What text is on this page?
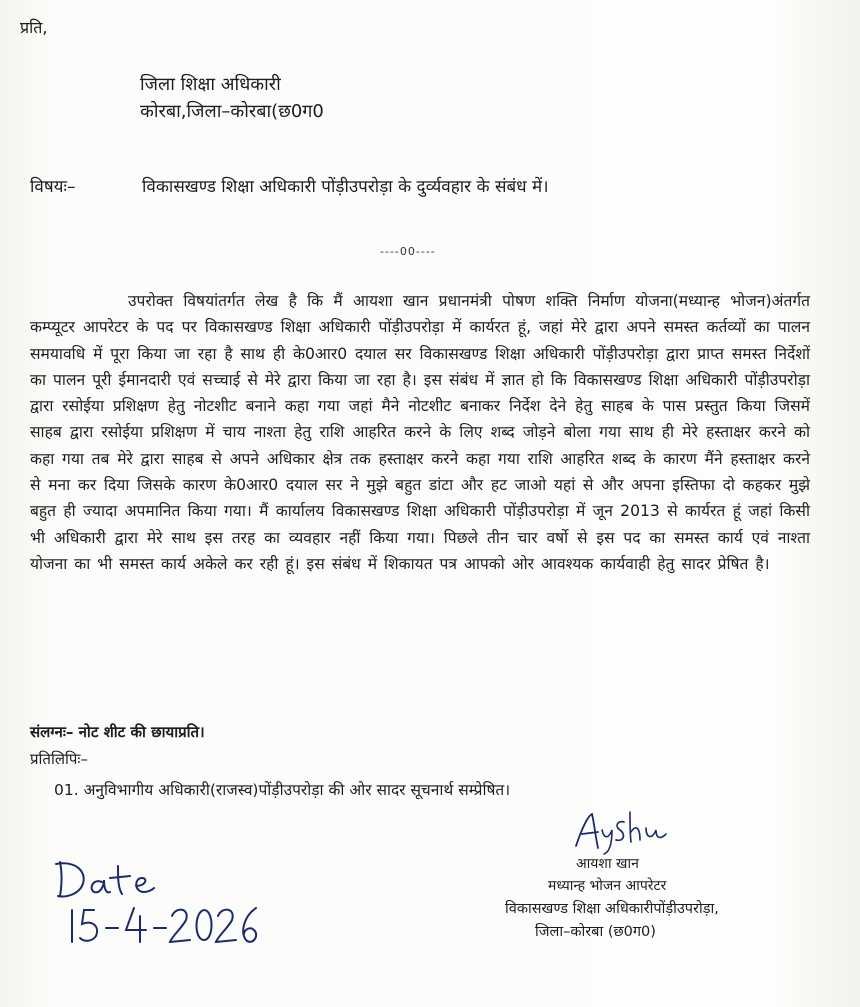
प्रति,
जिला शिक्षा अधिकारी
कोरबा,जिला–कोरबा(छ0ग0
विषयः–	विकासखण्ड शिक्षा अधिकारी पोंड़ीउपरोड़ा के दुर्व्यवहार के संबंध में।
----00----
उपरोक्त विषयांतर्गत लेख है कि मैं आयशा खान प्रधानमंत्री पोषण शक्ति निर्माण योजना(मध्यान्ह भोजन)अंतर्गत कम्प्यूटर आपरेटर के पद पर विकासखण्ड शिक्षा अधिकारी पोंड़ीउपरोड़ा में कार्यरत हूं, जहां मेरे द्वारा अपने समस्त कर्तव्यों का पालन समयावधि में पूरा किया जा रहा है साथ ही के0आर0 दयाल सर विकासखण्ड शिक्षा अधिकारी पोंड़ीउपरोड़ा द्वारा प्राप्त समस्त निर्देशों का पालन पूरी ईमानदारी एवं सच्चाई से मेरे द्वारा किया जा रहा है। इस संबंध में ज्ञात हो कि विकासखण्ड शिक्षा अधिकारी पोंड़ीउपरोड़ा द्वारा रसोईया प्रशिक्षण हेतु नोटशीट बनाने कहा गया जहां मैने नोटशीट बनाकर निर्देश देने हेतु साहब के पास प्रस्तुत किया जिसमें साहब द्वारा रसोईया प्रशिक्षण में चाय नाश्ता हेतु राशि आहरित करने के लिए शब्द जोड़ने बोला गया साथ ही मेरे हस्ताक्षर करने को कहा गया तब मेरे द्वारा साहब से अपने अधिकार क्षेत्र तक हस्ताक्षर करने कहा गया राशि आहरित शब्द के कारण मैंने हस्ताक्षर करने से मना कर दिया जिसके कारण के0आर0 दयाल सर ने मुझे बहुत डांटा और हट जाओ यहां से और अपना इस्तिफा दो कहकर मुझे बहुत ही ज्यादा अपमानित किया गया। मैं कार्यालय विकासखण्ड शिक्षा अधिकारी पोंड़ीउपरोड़ा में जून 2013 से कार्यरत हूं जहां किसी भी अधिकारी द्वारा मेरे साथ इस तरह का व्यवहार नहीं किया गया। पिछले तीन चार वर्षो से इस पद का समस्त कार्य एवं नाश्ता योजना का भी समस्त कार्य अकेले कर रही हूं। इस संबंध में शिकायत पत्र आपको ओर आवश्यक कार्यवाही हेतु सादर प्रेषित है।
संलग्नः– नोट शीट की छायाप्रति।
प्रतिलिपिः–
01. अनुविभागीय अधिकारी(राजस्व)पोंड़ीउपरोड़ा की ओर सादर सूचनार्थ सम्प्रेषित।
आयशा खान
मध्यान्ह भोजन आपरेटर
विकासखण्ड शिक्षा अधिकारीपोंड़ीउपरोड़ा,
जिला–कोरबा (छ0ग0)
